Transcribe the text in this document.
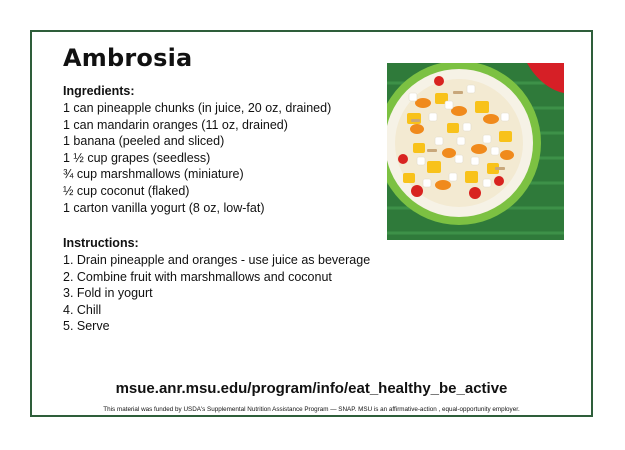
Ambrosia
Ingredients:
1 can pineapple chunks (in juice, 20 oz, drained)
1 can mandarin oranges (11 oz, drained)
1 banana (peeled and sliced)
1 ½ cup grapes (seedless)
¾ cup marshmallows (miniature)
½ cup coconut (flaked)
1 carton vanilla yogurt (8 oz, low-fat)
Instructions:
1. Drain pineapple and oranges - use juice as beverage
2. Combine fruit with marshmallows and coconut
3. Fold in yogurt
4. Chill
5. Serve

msue.anr.msu.edu/program/info/eat_healthy_be_active

This material was funded by USDA's Supplemental Nutrition Assistance Program — SNAP. MSU is an affirmative-action , equal-opportunity employer.
